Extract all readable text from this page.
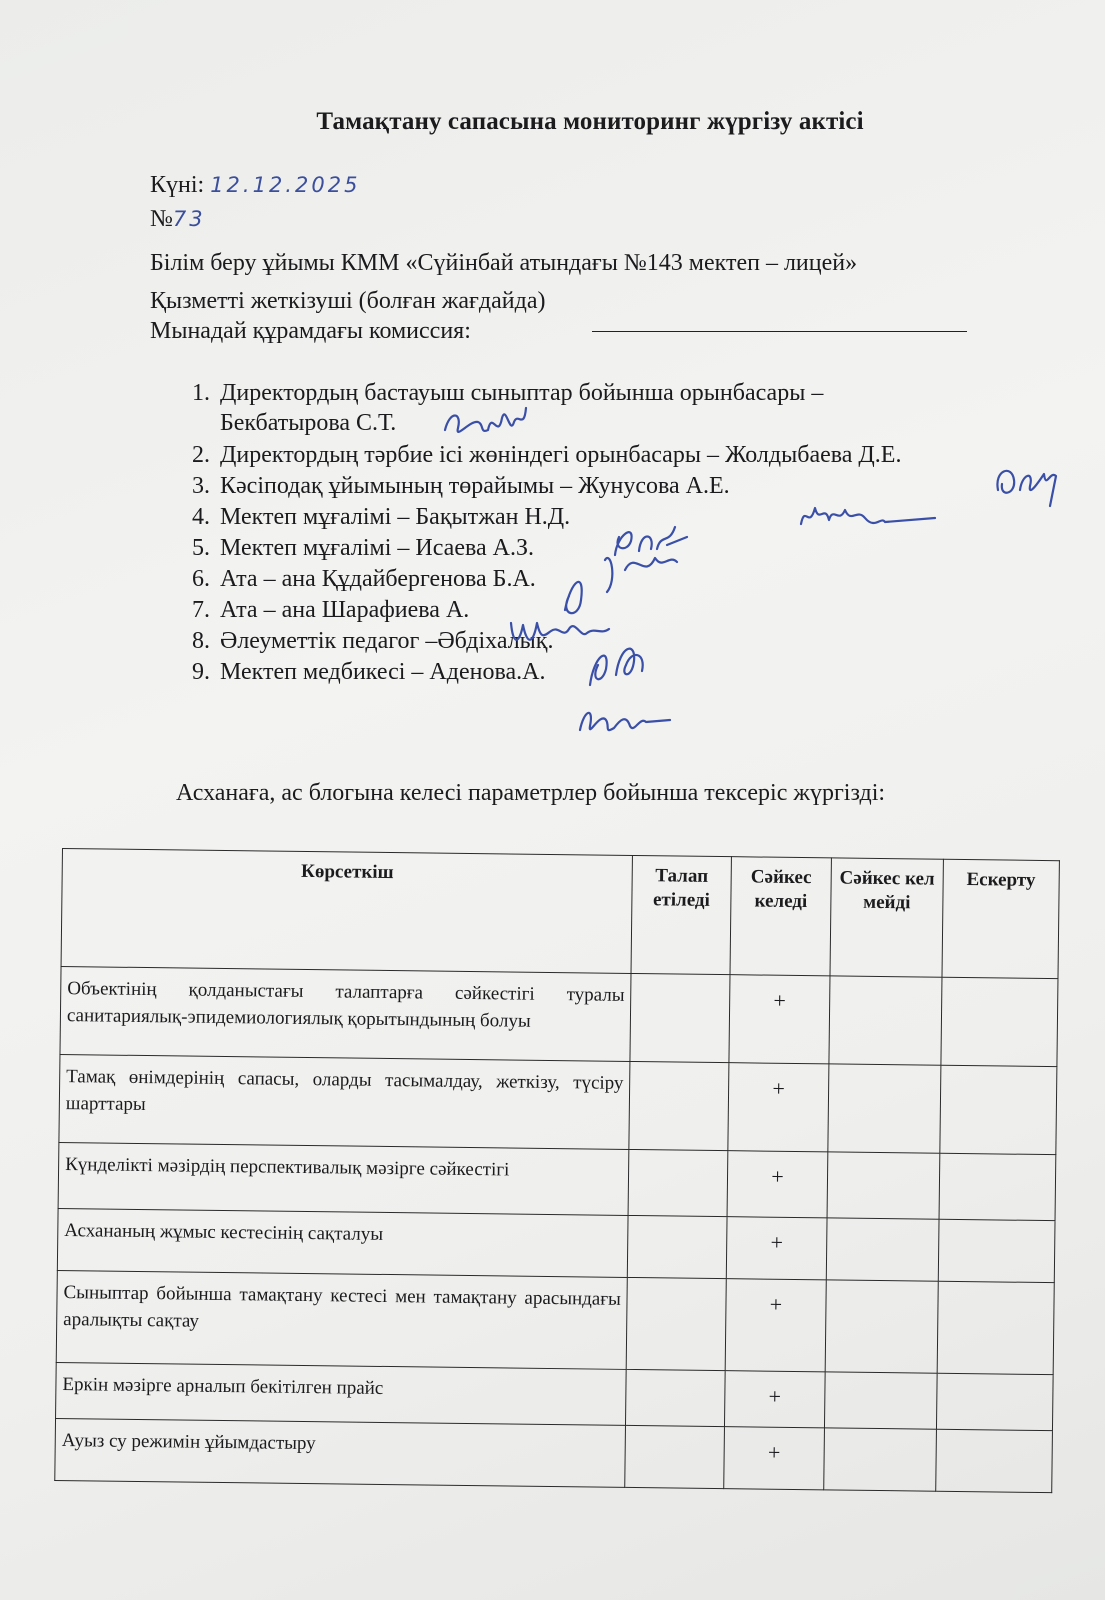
Тамақтану сапасына мониторинг жүргізу актісі
Күні: 12.12.2025
№73
Білім беру ұйымы КММ «Сүйінбай атындағы №143 мектеп – лицей»
Қызметті жеткізуші (болған жағдайда)
Мынадай құрамдағы комиссия:
1. Директордың бастауыш сыныптар бойынша орынбасары – Бекбатырова С.Т.
2. Директордың тәрбие ісі жөніндегі орынбасары – Жолдыбаева Д.Е.
3. Кәсіподақ ұйымының төрайымы – Жунусова А.Е.
4. Мектеп мұғалімі – Бақытжан Н.Д.
5. Мектеп мұғалімі – Исаева А.З.
6. Ата – ана Құдайбергенова Б.А.
7. Ата – ана Шарафиева А.
8. Әлеуметтік педагог –Әбдіхалық.
9. Мектеп медбикесі – Аденова.А.
Асханаға, ас блогына келесі параметрлер бойынша тексеріс жүргізді:
Көрсеткіш	Талап етіледі	Сәйкес келеді	Сәйкес келмейді	Ескерту
Объектінің қолданыстағы талаптарға сәйкестігі туралы санитариялық-эпидемиологиялық қорытындының болуы		+		
Тамақ өнімдерінің сапасы, оларды тасымалдау, жеткізу, түсіру шарттары		+		
Күнделікті мәзірдің перспективалық мәзірге сәйкестігі		+		
Асхананың жұмыс кестесінің сақталуы		+		
Сыныптар бойынша тамақтану кестесі мен тамақтану арасындағы аралықты сақтау		+		
Еркін мәзірге арналып бекітілген прайс		+		
Ауыз су режимін ұйымдастыру		+		
